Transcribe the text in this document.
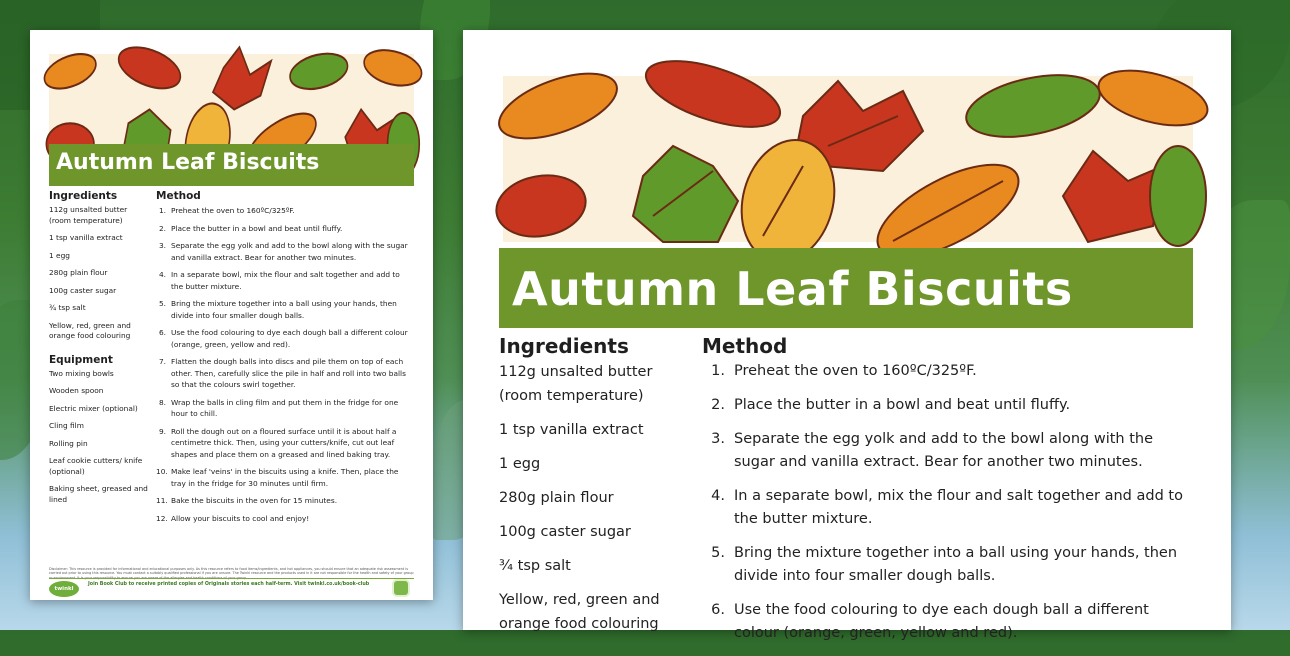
Autumn Leaf Biscuits
Ingredients
112g unsalted butter (room temperature)
1 tsp vanilla extract
1 egg
280g plain flour
100g caster sugar
¾ tsp salt
Yellow, red, green and orange food colouring
Equipment
Two mixing bowls
Wooden spoon
Electric mixer (optional)
Cling film
Rolling pin
Leaf cookie cutters/ knife (optional)
Baking sheet, greased and lined
Method
1. Preheat the oven to 160ºC/325ºF.
2. Place the butter in a bowl and beat until fluffy.
3. Separate the egg yolk and add to the bowl along with the sugar and vanilla extract. Bear for another two minutes.
4. In a separate bowl, mix the flour and salt together and add to the butter mixture.
5. Bring the mixture together into a ball using your hands, then divide into four smaller dough balls.
6. Use the food colouring to dye each dough ball a different colour (orange, green, yellow and red).
7. Flatten the dough balls into discs and pile them on top of each other. Then, carefully slice the pile in half and roll into two balls so that the colours swirl together.
8. Wrap the balls in cling film and put them in the fridge for one hour to chill.
9. Roll the dough out on a floured surface until it is about half a centimetre thick. Then, using your cutters/knife, cut out leaf shapes and place them on a greased and lined baking tray.
10. Make leaf 'veins' in the biscuits using a knife. Then, place the tray in the fridge for 30 minutes until firm.
11. Bake the biscuits in the oven for 15 minutes.
12. Allow your biscuits to cool and enjoy!
Disclaimer: This resource is provided for informational and educational purposes only. As this resource refers to food items/ingredients, and hot appliances, you should ensure that an adequate risk assessment is carried out prior to using this resource. You must contact a suitably qualified professional if you are unsure. The Twinkl resource and the products used in it are not responsible for the health and safety of your group
twinkl
Join Book Club to receive printed copies of Originals stories each half-term. Visit twinkl.co.uk/book-club
Autumn Leaf Biscuits
Ingredients
112g unsalted butter (room temperature)
1 tsp vanilla extract
1 egg
280g plain flour
100g caster sugar
¾ tsp salt
Yellow, red, green and orange food colouring
Method
1. Preheat the oven to 160ºC/325ºF.
2. Place the butter in a bowl and beat until fluffy.
3. Separate the egg yolk and add to the bowl along with the sugar and vanilla extract. Bear for another two minutes.
4. In a separate bowl, mix the flour and salt together and add to the butter mixture.
5. Bring the mixture together into a ball using your hands, then divide into four smaller dough balls.
6. Use the food colouring to dye each dough ball a different colour (orange, green, yellow and red).
